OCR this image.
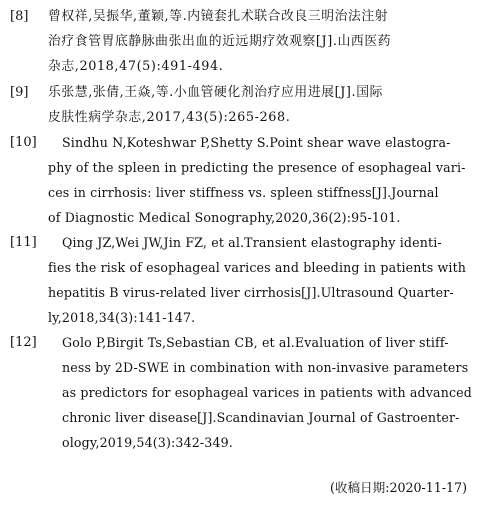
[8] 曾权祥,吴振华,董颖,等.内镜套扎术联合改良三明治法注射
治疗食管胃底静脉曲张出血的近远期疗效观察[J].山西医药
杂志,2018,47(5):491-494.
[9] 乐张慧,张倩,王焱,等.小血管硬化剂治疗应用进展[J].国际
皮肤性病学杂志,2017,43(5):265-268.
[10] Sindhu N,Koteshwar P,Shetty S.Point shear wave elastogra-
phy of the spleen in predicting the presence of esophageal vari-
ces in cirrhosis: liver stiffness vs. spleen stiffness[J].Journal
of Diagnostic Medical Sonography,2020,36(2):95-101.
[11] Qing JZ,Wei JW,Jin FZ, et al.Transient elastography identi-
fies the risk of esophageal varices and bleeding in patients with
hepatitis B virus-related liver cirrhosis[J].Ultrasound Quarter-
ly,2018,34(3):141-147.
[12] Golo P,Birgit Ts,Sebastian CB, et al.Evaluation of liver stiff-
ness by 2D-SWE in combination with non-invasive parameters
as predictors for esophageal varices in patients with advanced
chronic liver disease[J].Scandinavian Journal of Gastroenter-
ology,2019,54(3):342-349.
(收稿日期:2020-11-17)
